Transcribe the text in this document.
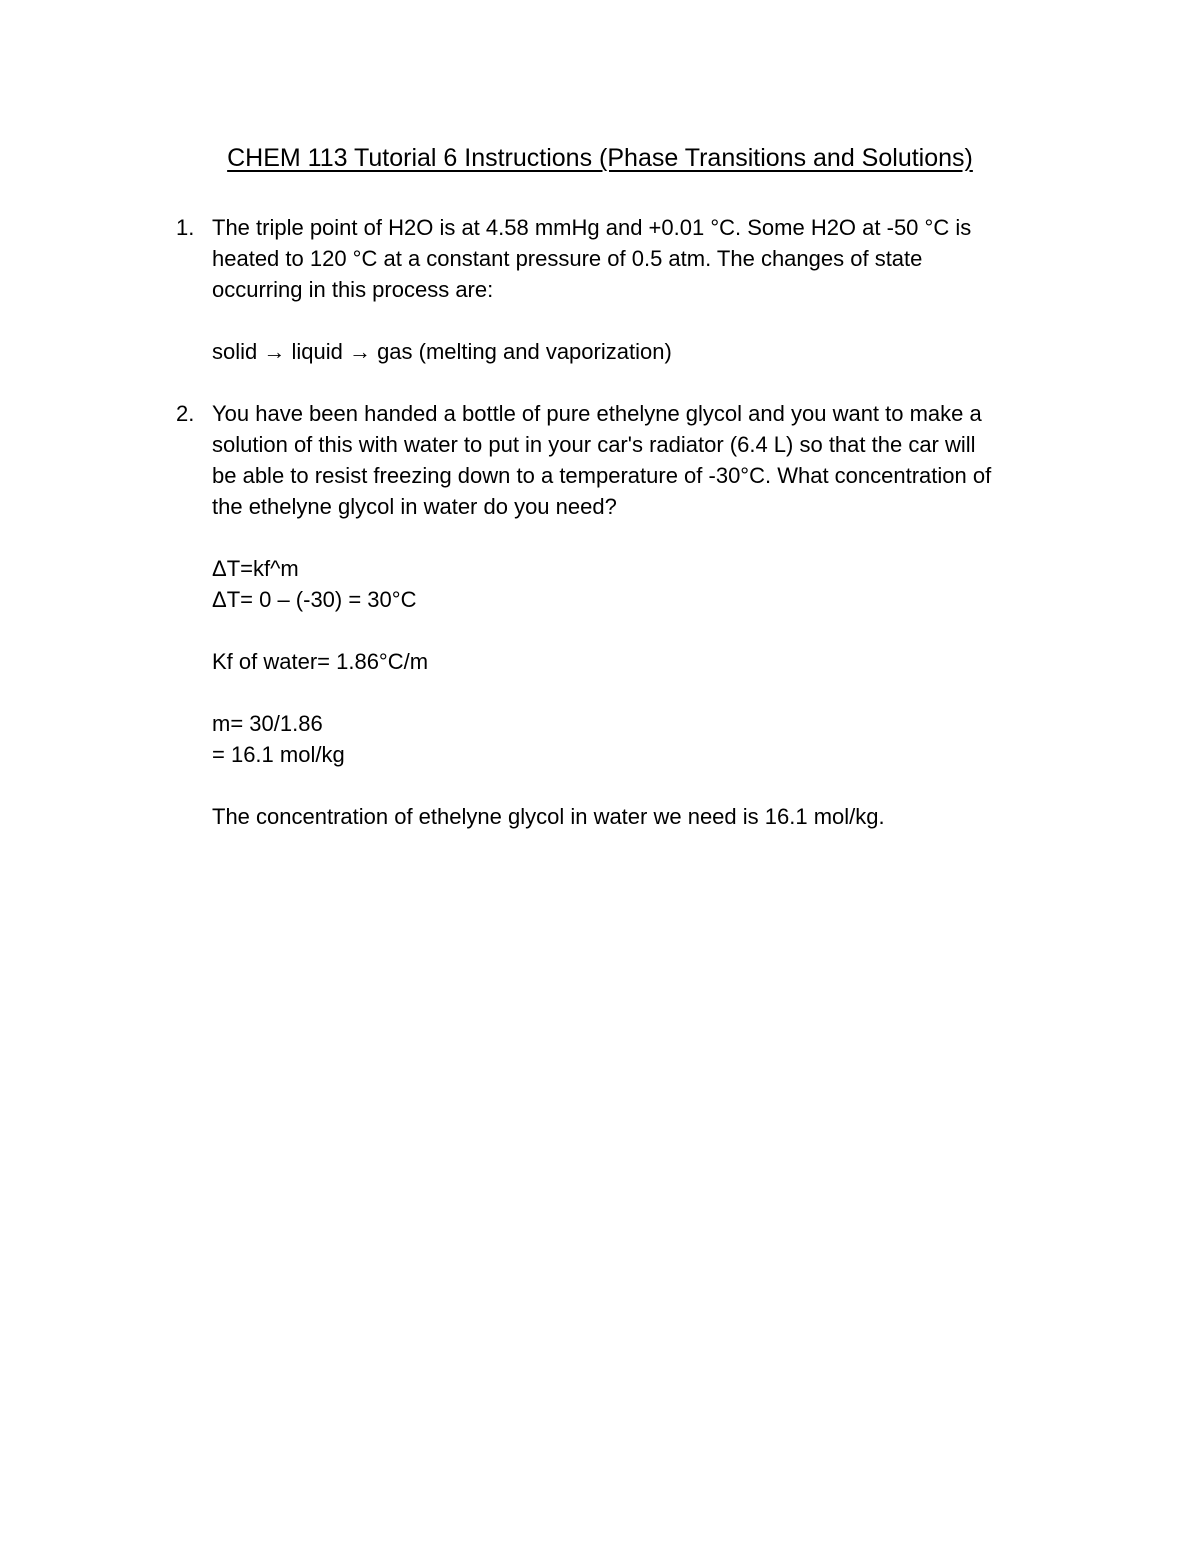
CHEM 113 Tutorial 6 Instructions (Phase Transitions and Solutions)
1. The triple point of H2O is at 4.58 mmHg and +0.01 °C. Some H2O at -50 °C is
heated to 120 °C at a constant pressure of 0.5 atm. The changes of state
occurring in this process are:
solid → liquid → gas (melting and vaporization)
2. You have been handed a bottle of pure ethelyne glycol and you want to make a
solution of this with water to put in your car's radiator (6.4 L) so that the car will
be able to resist freezing down to a temperature of -30°C. What concentration of
the ethelyne glycol in water do you need?
ΔT=kf^m
ΔT= 0 – (-30) = 30°C
Kf of water= 1.86°C/m
m= 30/1.86
= 16.1 mol/kg
The concentration of ethelyne glycol in water we need is 16.1 mol/kg.
